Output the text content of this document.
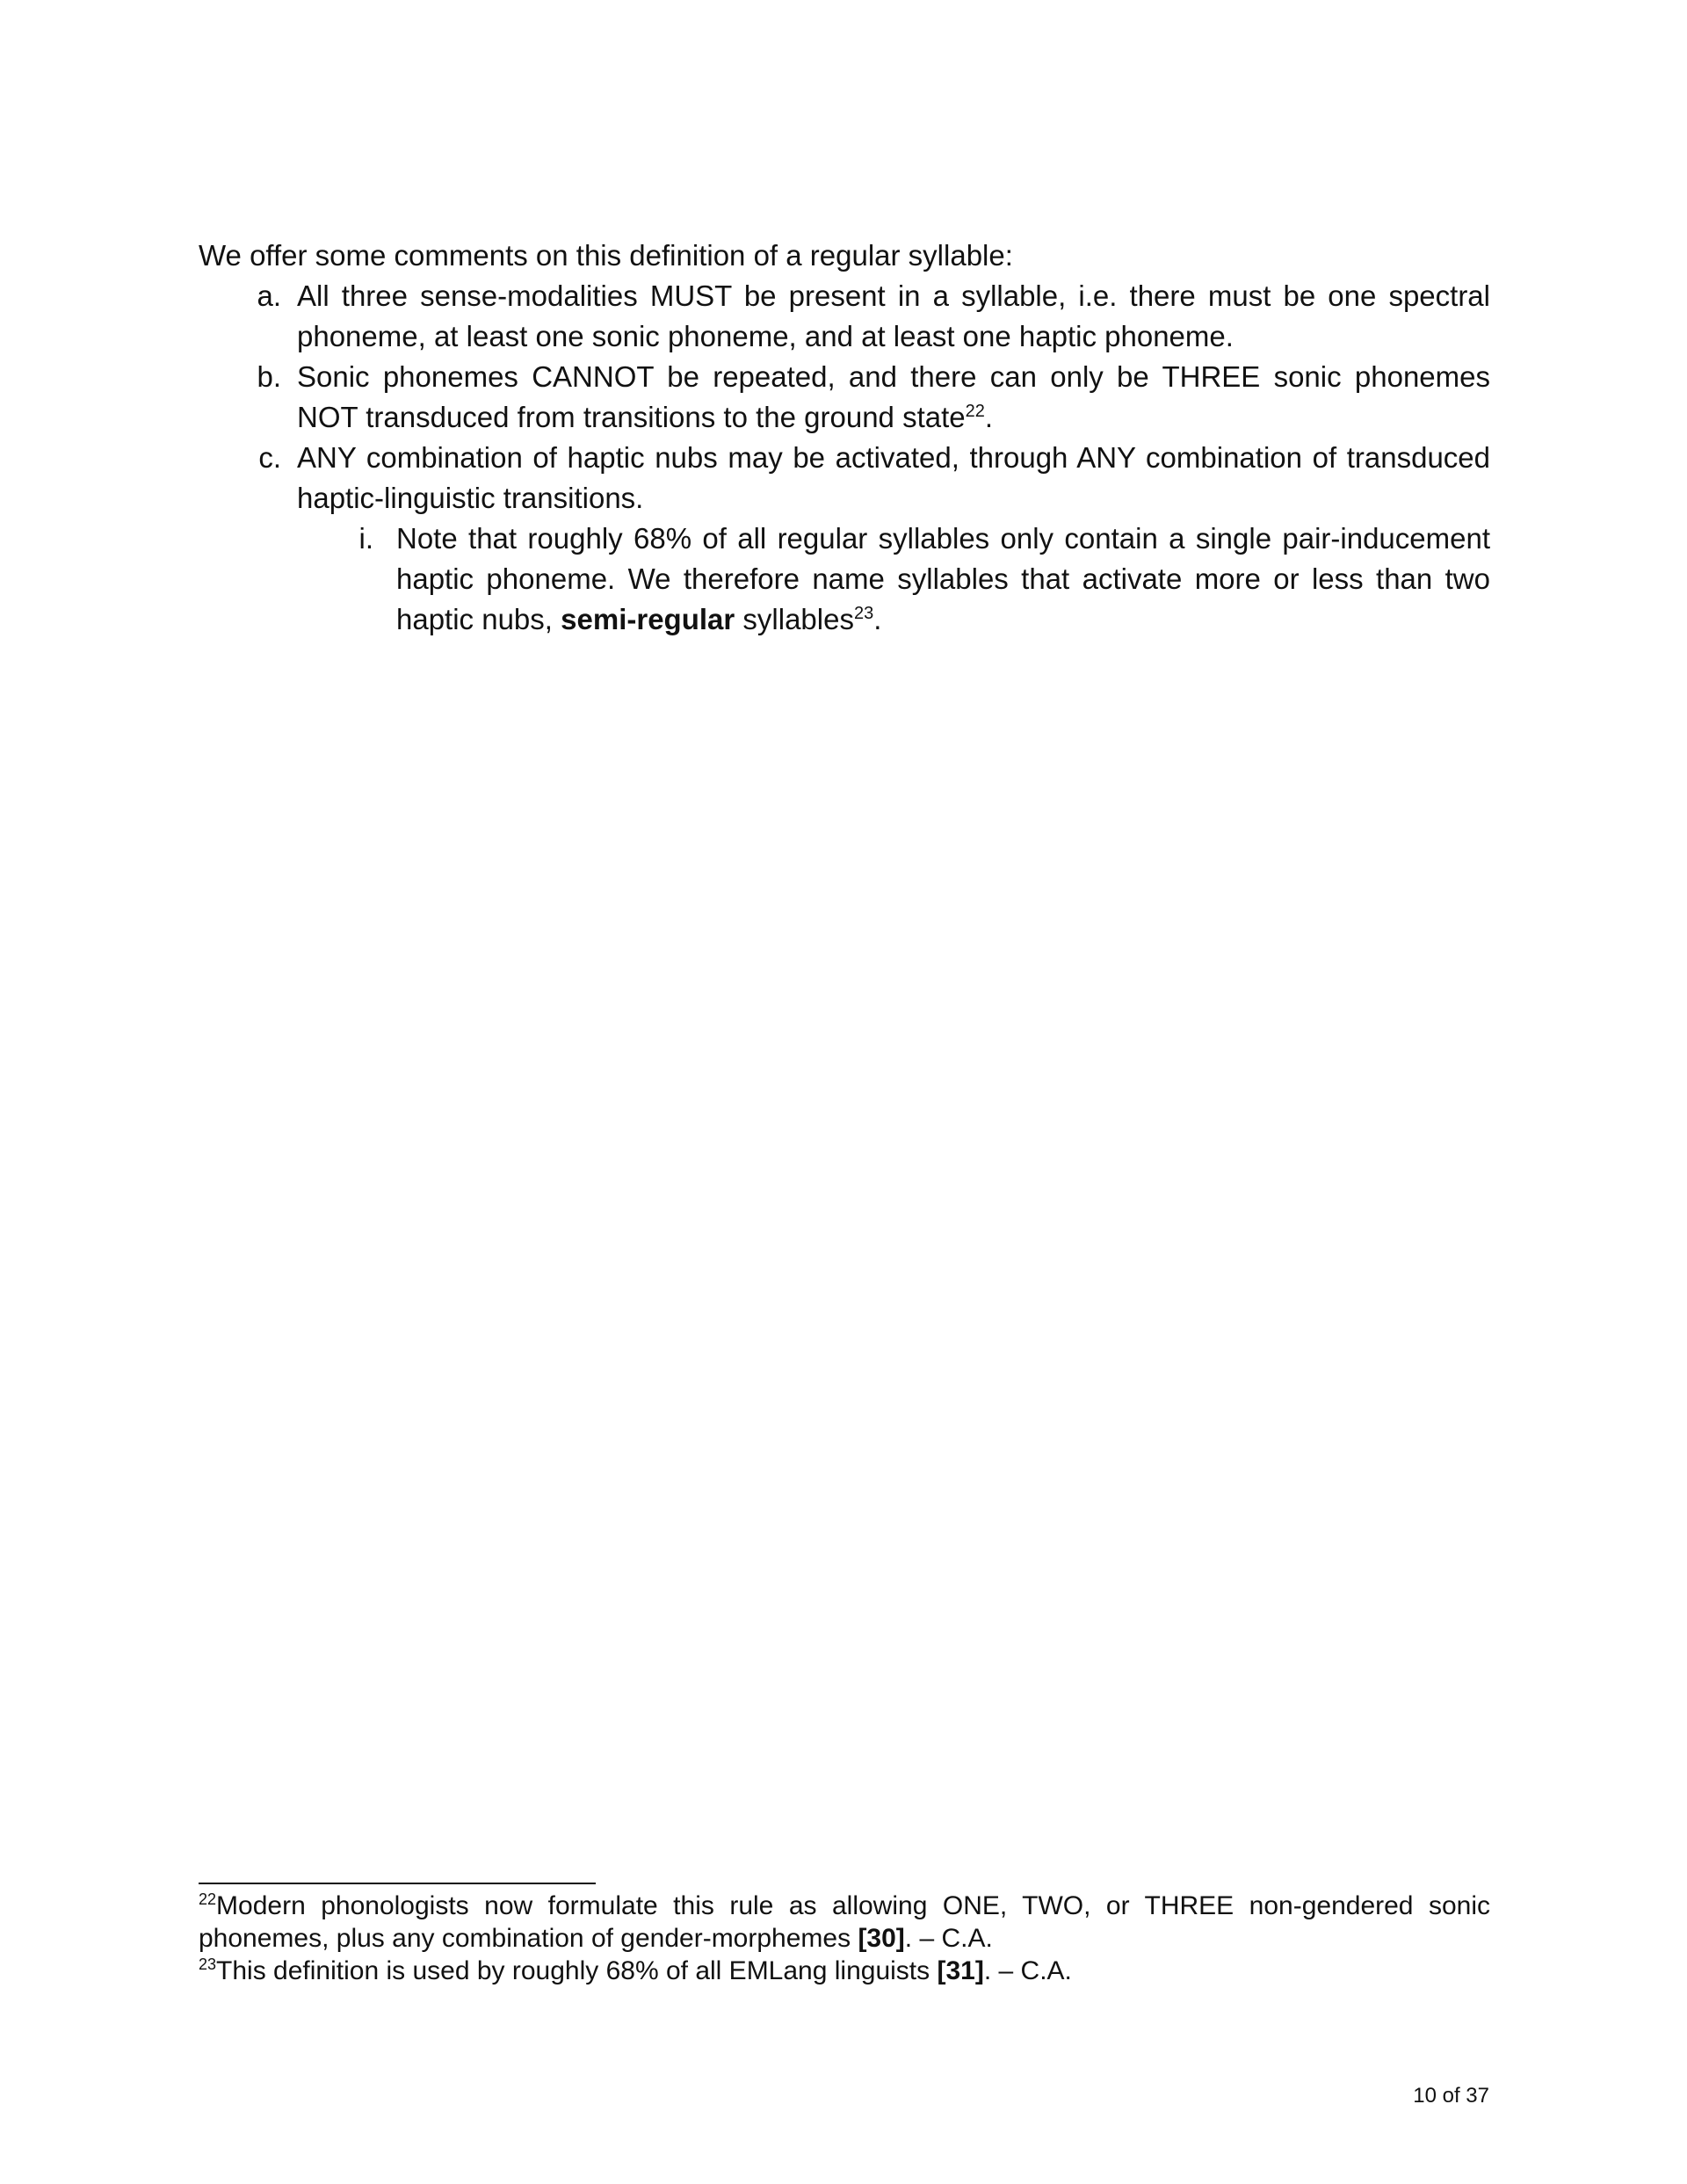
We offer some comments on this definition of a regular syllable:

a. All three sense-modalities MUST be present in a syllable, i.e. there must be one spectral phoneme, at least one sonic phoneme, and at least one haptic phoneme.
b. Sonic phonemes CANNOT be repeated, and there can only be THREE sonic phonemes NOT transduced from transitions to the ground state$^{22}$.
c. ANY combination of haptic nubs may be activated, through ANY combination of transduced haptic-linguistic transitions.
i. Note that roughly 68% of all regular syllables only contain a single pair-inducement haptic phoneme. We therefore name syllables that activate more or less than two haptic nubs, semi-regular syllables$^{23}$.

$^{22}$Modern phonologists now formulate this rule as allowing ONE, TWO, or THREE non-gendered sonic phonemes, plus any combination of gender-morphemes [30]. – C.A.

$^{23}$This definition is used by roughly 68% of all EMLang linguists [31]. – C.A.

10 of 37
